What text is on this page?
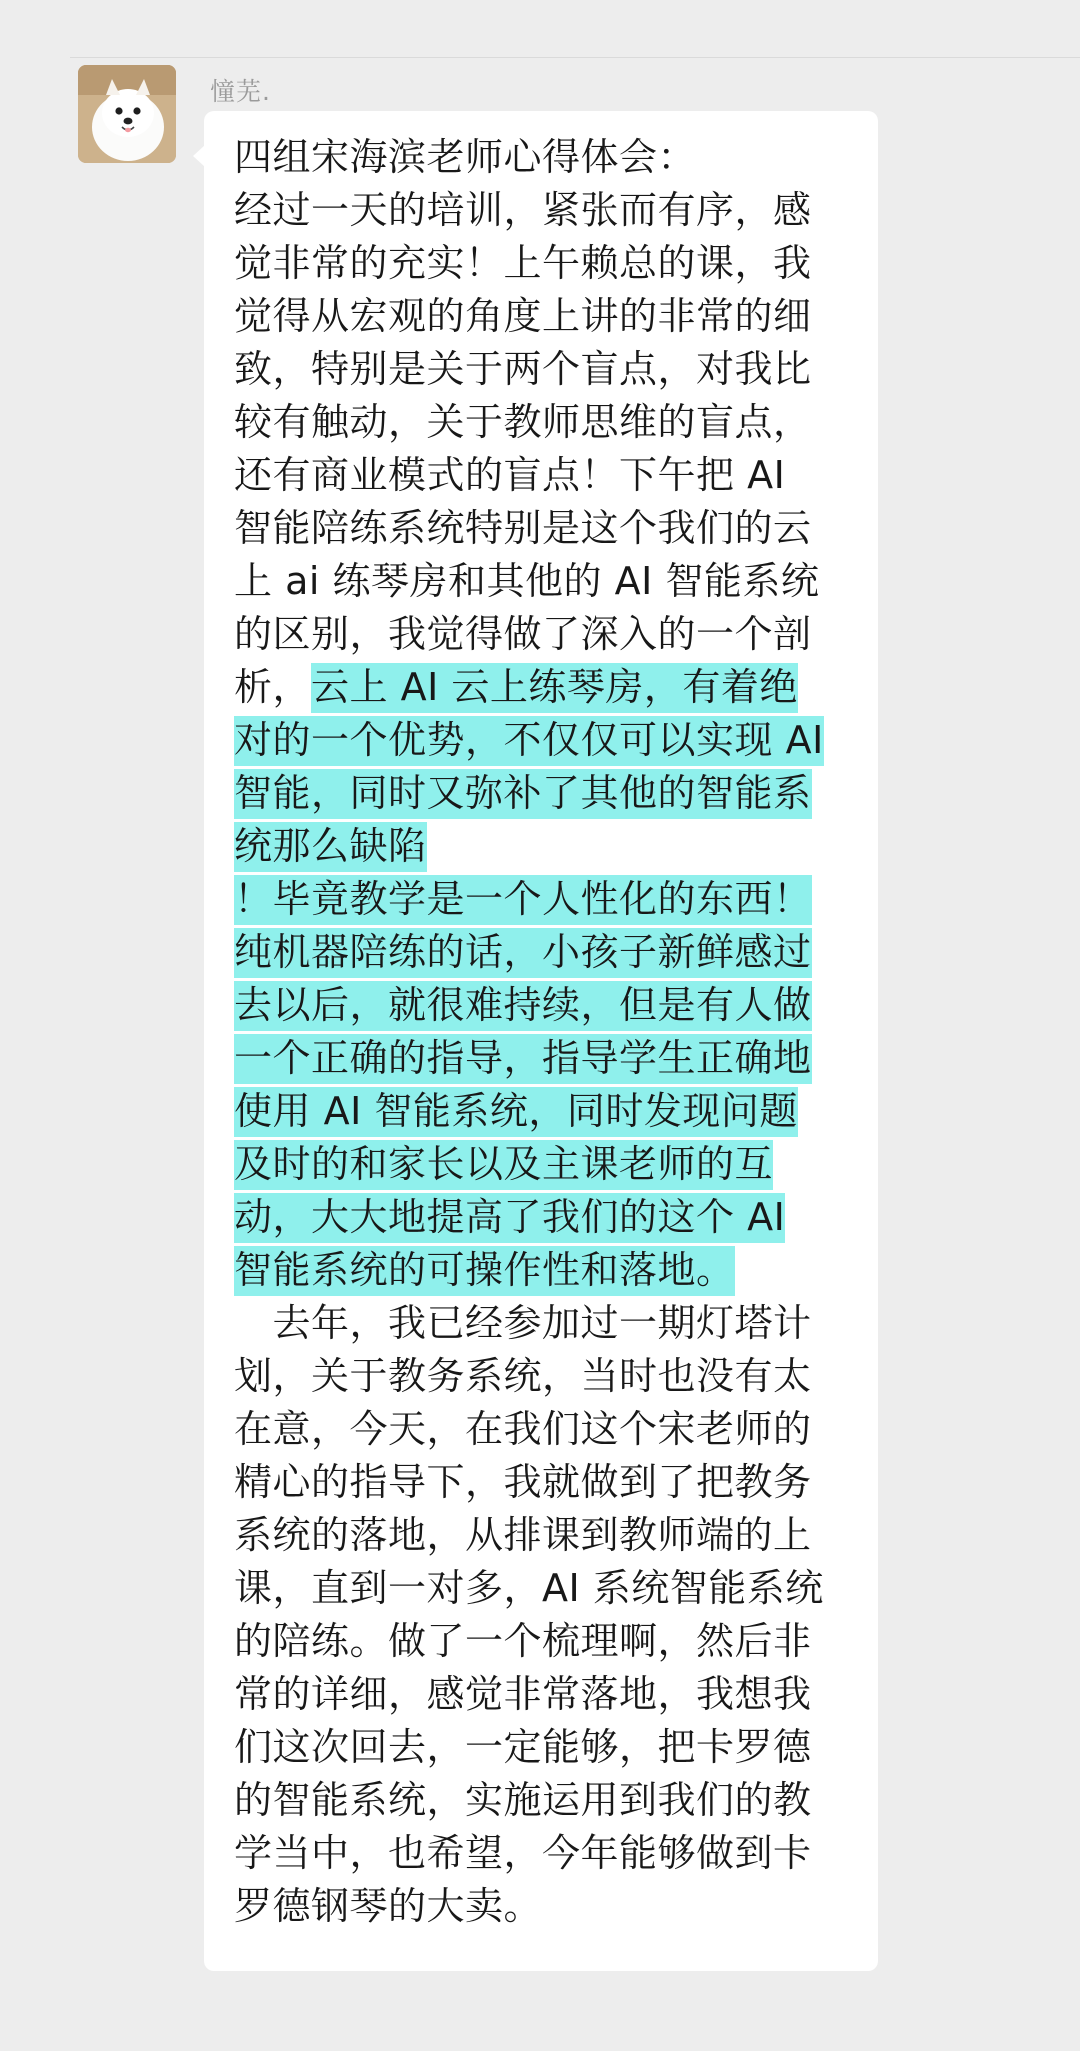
憧芜.
四组宋海滨老师心得体会：
经过一天的培训，紧张而有序，感
觉非常的充实！上午赖总的课，我
觉得从宏观的角度上讲的非常的细
致，特别是关于两个盲点，对我比
较有触动，关于教师思维的盲点，
还有商业模式的盲点！下午把 AI
智能陪练系统特别是这个我们的云
上 ai 练琴房和其他的 AI 智能系统
的区别，我觉得做了深入的一个剖
析，云上 AI 云上练琴房，有着绝
对的一个优势，不仅仅可以实现 AI
智能，同时又弥补了其他的智能系
统那么缺陷
！毕竟教学是一个人性化的东西！
纯机器陪练的话，小孩子新鲜感过
去以后，就很难持续，但是有人做
一个正确的指导，指导学生正确地
使用 AI 智能系统，同时发现问题
及时的和家长以及主课老师的互
动，大大地提高了我们的这个 AI
智能系统的可操作性和落地。
　去年，我已经参加过一期灯塔计
划，关于教务系统，当时也没有太
在意，今天，在我们这个宋老师的
精心的指导下，我就做到了把教务
系统的落地，从排课到教师端的上
课，直到一对多，AI 系统智能系统
的陪练。做了一个梳理啊，然后非
常的详细，感觉非常落地，我想我
们这次回去，一定能够，把卡罗德
的智能系统，实施运用到我们的教
学当中，也希望，今年能够做到卡
罗德钢琴的大卖。
